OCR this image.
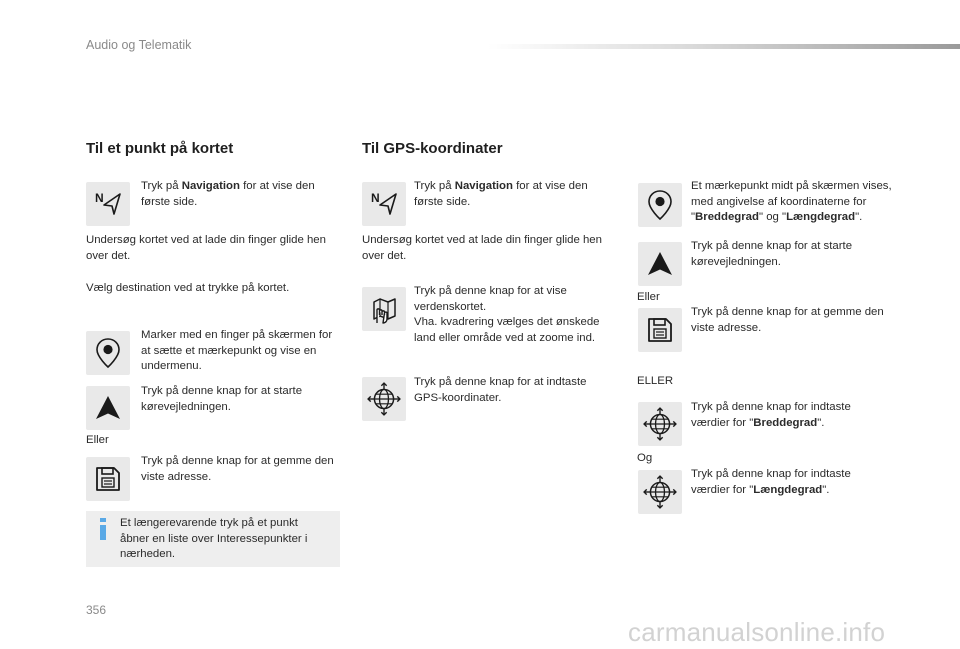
Audio og Telematik
Til et punkt på kortet
Tryk på Navigation for at vise den første side.
Undersøg kortet ved at lade din finger glide hen over det.
Vælg destination ved at trykke på kortet.
Marker med en finger på skærmen for at sætte et mærkepunkt og vise en undermenu.
Tryk på denne knap for at starte kørevejledningen.
Eller
Tryk på denne knap for at gemme den viste adresse.
Et længerevarende tryk på et punkt åbner en liste over Interessepunkter i nærheden.
Til GPS-koordinater
Tryk på Navigation for at vise den første side.
Undersøg kortet ved at lade din finger glide hen over det.
Tryk på denne knap for at vise verdenskortet.
Vha. kvadrering vælges det ønskede land eller område ved at zoome ind.
Tryk på denne knap for at indtaste GPS-koordinater.
Et mærkepunkt midt på skærmen vises, med angivelse af koordinaterne for "Breddegrad" og "Længdegrad".
Tryk på denne knap for at starte kørevejledningen.
Eller
Tryk på denne knap for at gemme den viste adresse.
ELLER
Tryk på denne knap for indtaste værdier for "Breddegrad".
Og
Tryk på denne knap for indtaste værdier for "Længdegrad".
356
carmanualsonline.info
